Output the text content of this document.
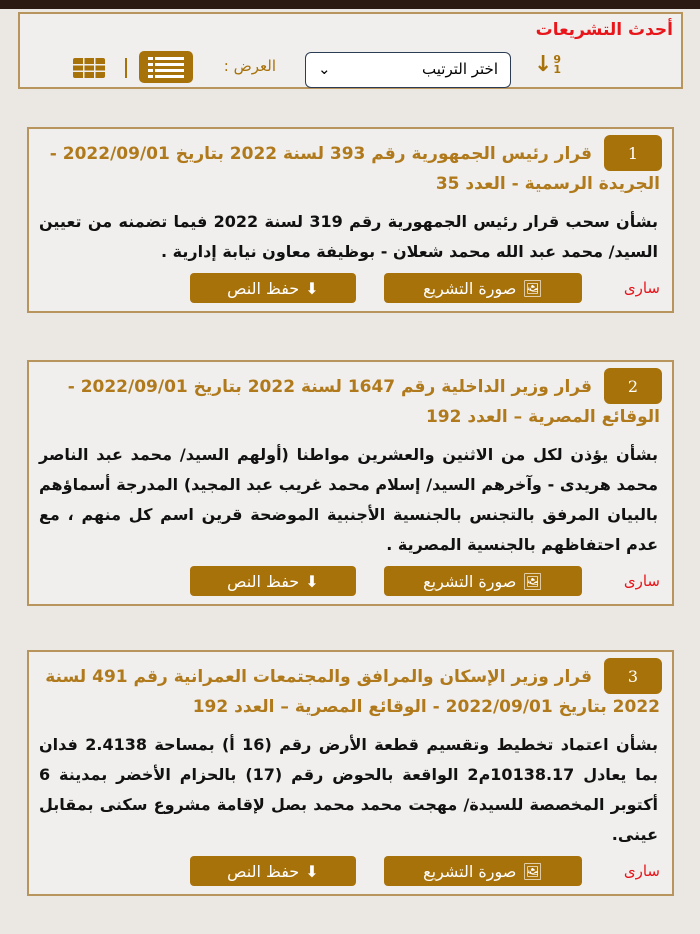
أحدث التشريعات
9
1
↓
اختر الترتيب
⌄
العرض :
1
قرار رئيس الجمهورية رقم 393 لسنة 2022 بتاريخ 2022/09/01 - الجريدة الرسمية - العدد 35
بشأن سحب قرار رئيس الجمهورية رقم 319 لسنة 2022 فيما تضمنه من تعيين السيد/ محمد عبد الله محمد شعلان - بوظيفة معاون نيابة إدارية .
سارى
🖼
صورة التشريع
⬇
حفظ النص
2
قرار وزير الداخلية رقم 1647 لسنة 2022 بتاريخ 2022/09/01 - الوقائع المصرية – العدد 192
بشأن يؤذن لكل من الاثنين والعشرين مواطنا (أولهم السيد/ محمد عبد الناصر محمد هريدى - وآخرهم السيد/ إسلام محمد غريب عبد المجيد) المدرجة أسماؤهم بالبيان المرفق بالتجنس بالجنسية الأجنبية الموضحة قرين اسم كل منهم ، مع عدم احتفاظهم بالجنسية المصرية .
سارى
🖼
صورة التشريع
⬇
حفظ النص
3
قرار وزير الإسكان والمرافق والمجتمعات العمرانية رقم 491 لسنة 2022 بتاريخ 2022/09/01 - الوقائع المصرية – العدد 192
بشأن اعتماد تخطيط وتقسيم قطعة الأرض رقم (16 أ) بمساحة 2.4138 فدان بما يعادل 10138.17م2 الواقعة بالحوض رقم (17) بالحزام الأخضر بمدينة 6 أكتوبر المخصصة للسيدة/ مهجت محمد محمد بصل لإقامة مشروع سكنى بمقابل عينى.
سارى
🖼
صورة التشريع
⬇
حفظ النص
